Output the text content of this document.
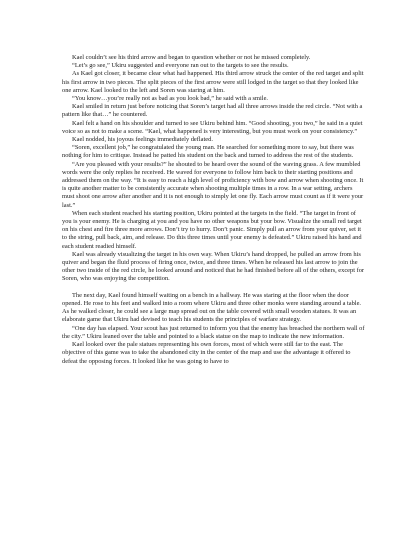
Kael couldn’t see his third arrow and began to question whether or not he missed completely.

“Let’s go see,” Ukiru suggested and everyone ran out to the targets to see the results.

As Kael got closer, it became clear what had happened. His third arrow struck the center of the red target and split his first arrow in two pieces. The split pieces of the first arrow were still lodged in the target so that they looked like one arrow. Kael looked to the left and Soren was staring at him.

“You know…you’re really not as bad as you look bad,” he said with a smile.

Kael smiled in return just before noticing that Soren’s target had all three arrows inside the red circle. “Not with a pattern like that…” he countered.

Kael felt a hand on his shoulder and turned to see Ukiru behind him. “Good shooting, you two,” he said in a quiet voice so as not to make a scene. “Kael, what happened is very interesting, but you must work on your consistency.”

Kael nodded, his joyous feelings immediately deflated.

“Soren, excellent job,” he congratulated the young man. He searched for something more to say, but there was nothing for him to critique. Instead he patted his student on the back and turned to address the rest of the students.

“Are you pleased with your results?” he shouted to be heard over the sound of the waving grass. A few mumbled words were the only replies he received. He waved for everyone to follow him back to their starting positions and addressed them on the way. “It is easy to reach a high level of proficiency with bow and arrow when shooting once. It is quite another matter to be consistently accurate when shooting multiple times in a row. In a war setting, archers must shoot one arrow after another and it is not enough to simply let one fly. Each arrow must count as if it were your last.”

When each student reached his starting position, Ukiru pointed at the targets in the field. “The target in front of you is your enemy. He is charging at you and you have no other weapons but your bow. Visualize the small red target on his chest and fire three more arrows. Don’t try to hurry. Don’t panic. Simply pull an arrow from your quiver, set it to the string, pull back, aim, and release. Do this three times until your enemy is defeated.” Ukiru raised his hand and each student readied himself.

Kael was already visualizing the target in his own way. When Ukiru’s hand dropped, he pulled an arrow from his quiver and began the fluid process of firing once, twice, and three times. When he released his last arrow to join the other two inside of the red circle, he looked around and noticed that he had finished before all of the others, except for Soren, who was enjoying the competition.

The next day, Kael found himself waiting on a bench in a hallway. He was staring at the floor when the door opened. He rose to his feet and walked into a room where Ukiru and three other monks were standing around a table. As he walked closer, he could see a large map spread out on the table covered with small wooden statues. It was an elaborate game that Ukiru had devised to teach his students the principles of warfare strategy.

“One day has elapsed. Your scout has just returned to inform you that the enemy has breached the northern wall of the city.” Ukiru leaned over the table and pointed to a black statue on the map to indicate the new information.

Kael looked over the pale statues representing his own forces, most of which were still far to the east. The objective of this game was to take the abandoned city in the center of the map and use the advantage it offered to defeat the opposing forces. It looked like he was going to have to
